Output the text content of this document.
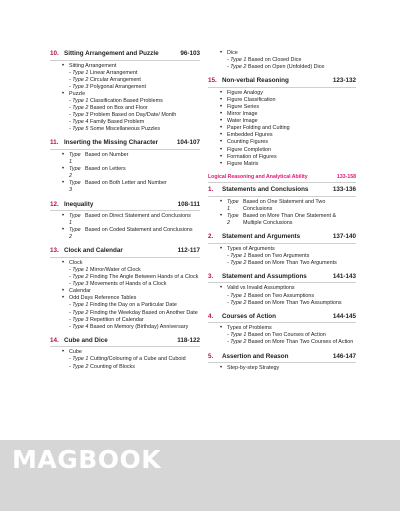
10. Sitting Arrangement and Puzzle	96-103
• Sitting Arrangement
- Type 1 Linear Arrangement
- Type 2 Circular Arrangement
- Type 3 Polygonal Arrangement
• Puzzle
- Type 1 Classification Based Problems
- Type 2 Based on Box and Floor
- Type 3 Problem Based on Day/Date/ Month
- Type 4 Family Based Problem
- Type 5 Some Miscellaneous Puzzles
11. Inserting the Missing Character	104-107
• Type 1
Based on Number
• Type 2
Based on Letters
• Type 3
Based on Both Letter and Number
12. Inequality	108-111
• Type 1
Based on Direct Statement and Conclusions
• Type 2
Based on Coded Statement and Conclusions
13. Clock and Calendar	112-117
• Clock
- Type 1 Mirror/Water of Clock
- Type 2 Finding The Angle Between Hands of a Clock
- Type 3 Movements of Hands of a Clock
• Calendar
• Odd Days Reference Tables
- Type 1 Finding the Day on a Particular Date
- Type 2 Finding the Weekday Based on Another Date
- Type 3 Repetition of Calendar
- Type 4 Based on Memory (Birthday) Anniversary
14. Cube and Dice	118-122
• Cube
- Type 1 Cutting/Colouring of a Cube and Cuboid
- Type 2 Counting of Blocks
• Dice
- Type 1 Based on Closed Dice
- Type 2 Based on Open (Unfolded) Dice
15. Non-verbal Reasoning	123-132
• Figure Analogy
• Figure Classification
• Figure Series
• Mirror Image
• Water Image
• Paper Folding and Cutting
• Embedded Figures
• Counting Figures
• Figure Completion
• Formation of Figures
• Figure Matrix
Logical Reasoning and Analytical Ability	133-158
1.	Statements and Conclusions	133-136
• Type 1
Based on One Statement and Two Conclusions
• Type 2
Based on More Than One Statement & Multiple Conclusions
2.	Statement and Arguments	137-140
• Types of Arguments
- Type 1 Based on Two Arguments
- Type 2 Based on More Than Two Arguments
3.	Statement and Assumptions	141-143
• Valid vs Invalid Assumptions
- Type 1 Based on Two Assumptions
- Type 2 Based on More Than Two Assumptions
4.	Courses of Action	144-145
• Types of Problems
- Type 1 Based on Two Courses of Action
- Type 2 Based on More Than Two Courses of Action
5.	Assertion and Reason	146-147
• Step-by-step Strategy
MAGBOOK
